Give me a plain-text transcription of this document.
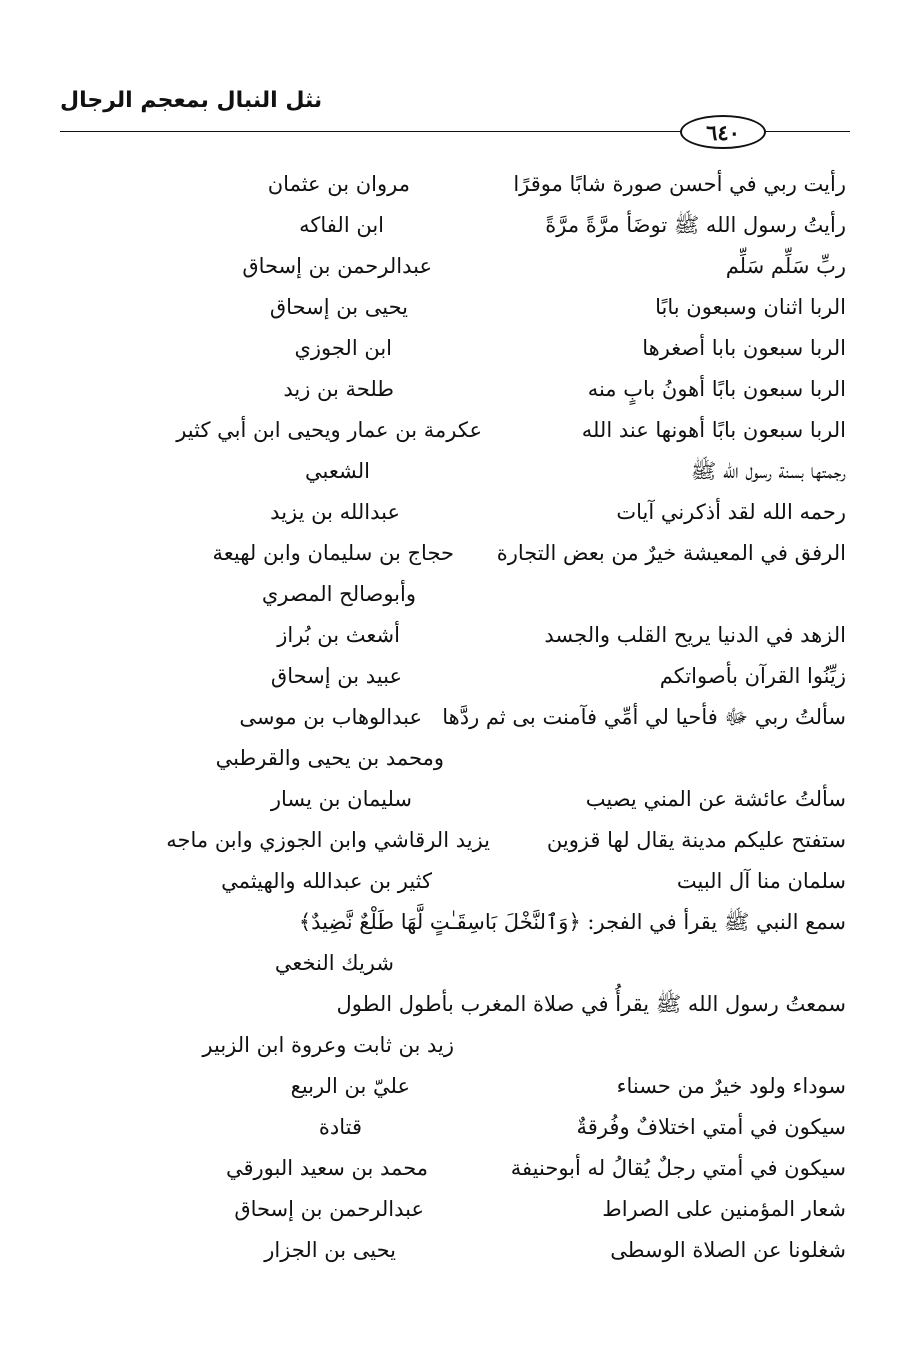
نثل النبال بمعجم الرجال
٦٤٠
رأيت ربي في أحسن صورة شابًا موقرًا
مروان بن عثمان
رأيتُ رسول الله ﷺ توضَأ مرَّةً مرَّةً
ابن الفاكه
ربِّ سَلِّم سَلِّم
عبدالرحمن بن إسحاق
الربا اثنان وسبعون بابًا
يحيى بن إسحاق
الربا سبعون بابا أصغرها
ابن الجوزي
الربا سبعون بابًا أهونُ بابٍ منه
طلحة بن زيد
الربا سبعون بابًا أهونها عند الله
عكرمة بن عمار ويحيى ابن أبي كثير
رجمتها بسنة رسول الله ﷺ
الشعبي
رحمه الله لقد أذكرني آيات
عبدالله بن يزيد
الرفق في المعيشة خيرٌ من بعض التجارة
حجاج بن سليمان وابن لهيعة
وأبوصالح المصري
الزهد في الدنيا يريح القلب والجسد
أشعث بن بُراز
زيِّنُوا القرآن بأصواتكم
عبيد بن إسحاق
سألتُ ربي ﷻ فأحيا لي أمِّي فآمنت بى ثم ردَّها
عبدالوهاب بن موسى
ومحمد بن يحيى والقرطبي
سألتُ عائشة عن المني يصيب
سليمان بن يسار
ستفتح عليكم مدينة يقال لها قزوين
يزيد الرقاشي وابن الجوزي وابن ماجه
سلمان منا آل البيت
كثير بن عبدالله والهيثمي
سمع النبي ﷺ يقرأ في الفجر: ﴿وَٱلنَّخْلَ بَاسِقَـٰتٍ لَّهَا طَلْعٌ نَّضِيدٌ﴾
شريك النخعي
سمعتُ رسول الله ﷺ يقرأُ في صلاة المغرب بأطول الطول
زيد بن ثابت وعروة ابن الزبير
سوداء ولود خيرٌ من حسناء
عليّ بن الربيع
سيكون في أمتي اختلافٌ وفُرقةٌ
قتادة
سيكون في أمتي رجلٌ يُقالُ له أبوحنيفة
محمد بن سعيد البورقي
شعار المؤمنين على الصراط
عبدالرحمن بن إسحاق
شغلونا عن الصلاة الوسطى
يحيى بن الجزار
